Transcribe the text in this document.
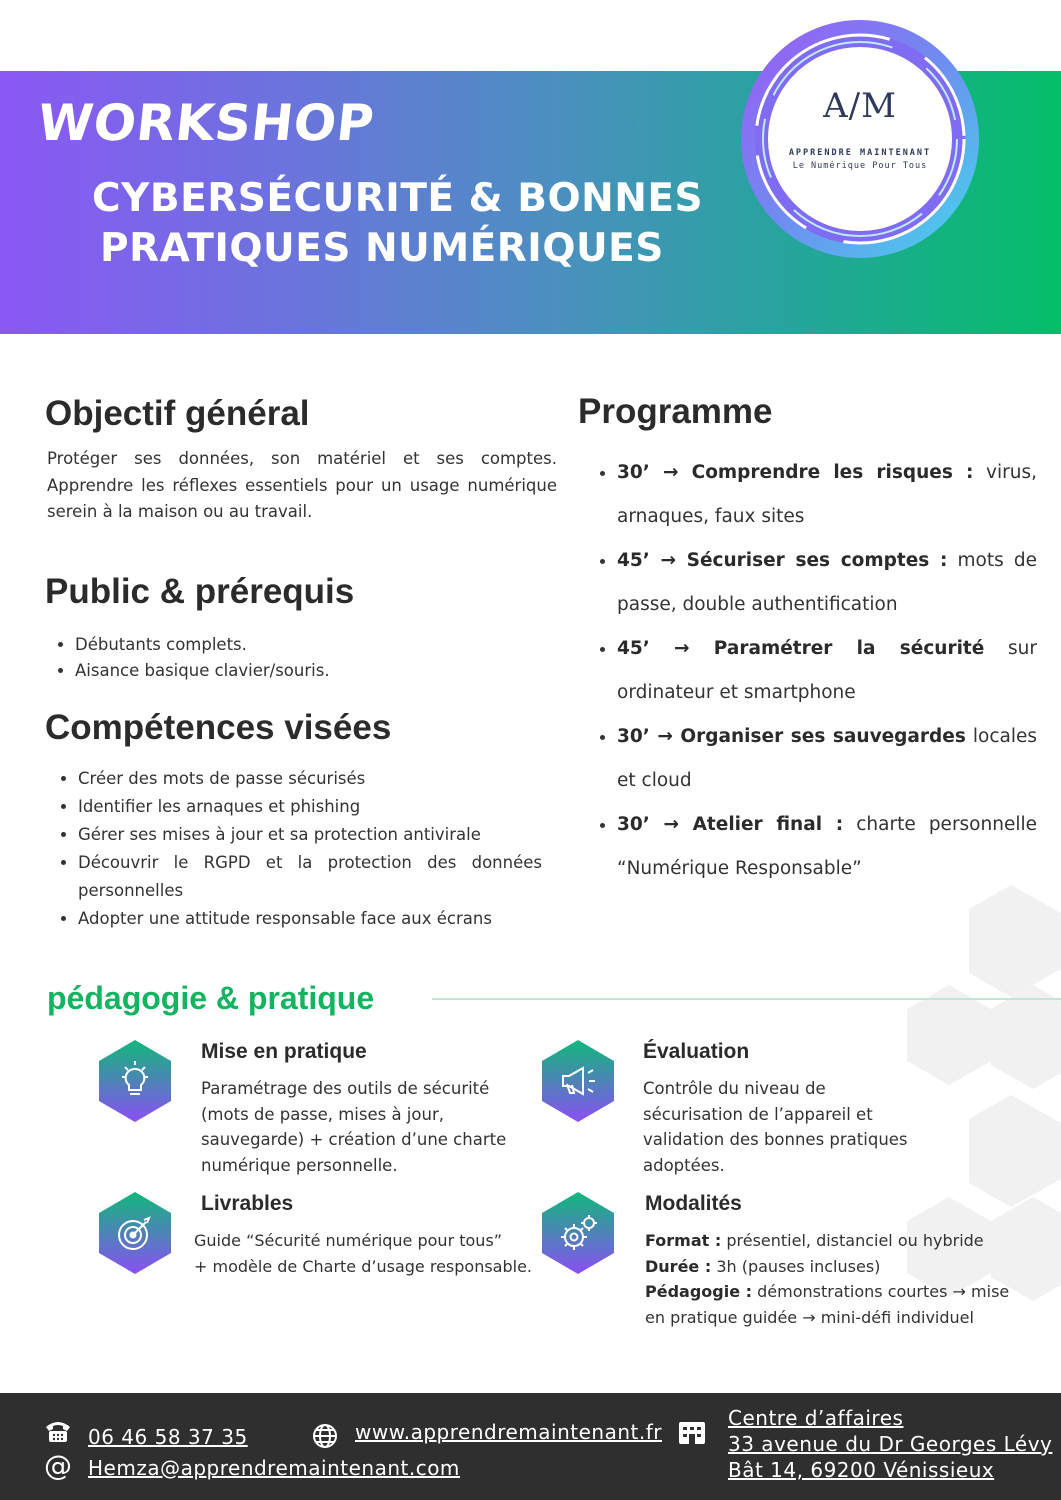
WORKSHOP
CYBERSÉCURITÉ & BONNES
PRATIQUES NUMÉRIQUES
A/M
APPRENDRE MAINTENANT
Le Numérique Pour Tous
Objectif général

Protéger ses données, son matériel et ses comptes. Apprendre les réflexes essentiels pour un usage numérique serein à la maison ou au travail.

Public & prérequis
• Débutants complets.
• Aisance basique clavier/souris.
Compétences visées
• Créer des mots de passe sécurisés
• Identifier les arnaques et phishing
• Gérer ses mises à jour et sa protection antivirale
• Découvrir le RGPD et la protection des données personnelles
• Adopter une attitude responsable face aux écrans
Programme
• 30’ → Comprendre les risques : virus, arnaques, faux sites
• 45’ → Sécuriser ses comptes : mots de passe, double authentification
• 45’ → Paramétrer la sécurité sur ordinateur et smartphone
• 30’ → Organiser ses sauvegardes locales et cloud
• 30’ → Atelier final : charte personnelle “Numérique Responsable”
pédagogie & pratique
Mise en pratique
Paramétrage des outils de sécurité
(mots de passe, mises à jour,
sauvegarde) + création d’une charte
numérique personnelle.
Évaluation
Contrôle du niveau de
sécurisation de l’appareil et
validation des bonnes pratiques
adoptées.
Livrables
Guide “Sécurité numérique pour tous”
+ modèle de Charte d’usage responsable.
Modalités
Format : présentiel, distanciel ou hybride
Durée : 3h (pauses incluses)
Pédagogie : démonstrations courtes → mise
en pratique guidée → mini-défi individuel
06 46 58 37 35
@ Hemza@apprendremaintenant.com
www.apprendremaintenant.fr
Centre d’affaires
33 avenue du Dr Georges Lévy
Bât 14, 69200 Vénissieux
